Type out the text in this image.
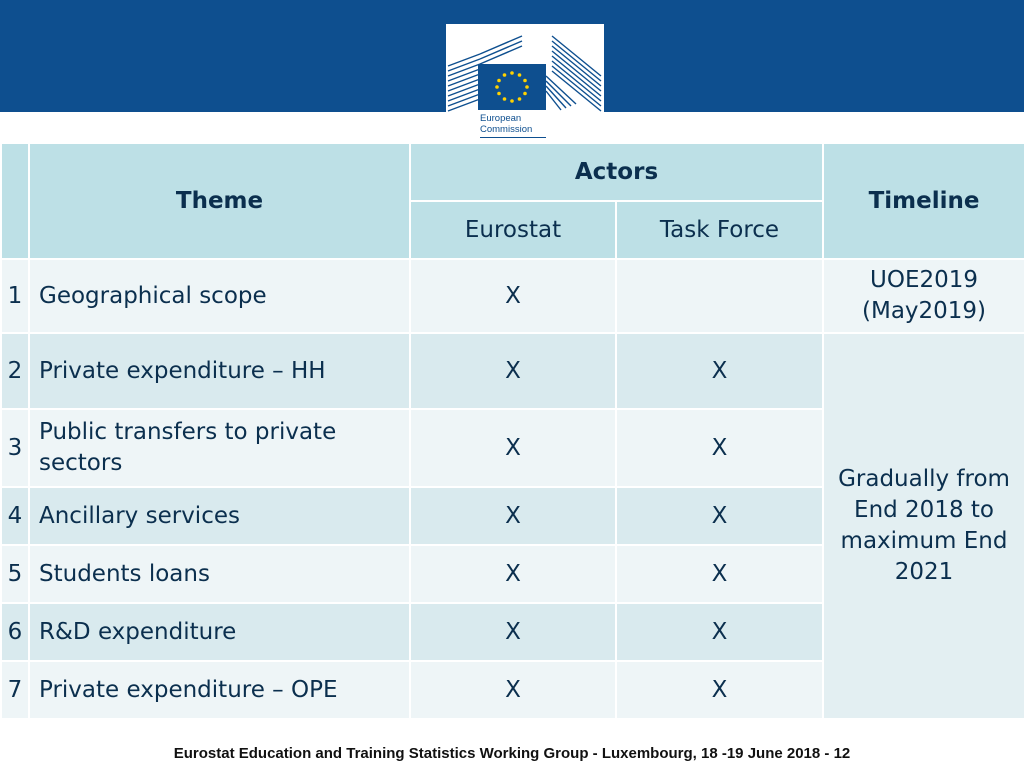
European
Commission
	Theme	Actors		Timeline
		Eurostat	Task Force	
1	Geographical scope	X		UOE2019 (May2019)
2	Private expenditure – HH	X	X	Gradually from End 2018 to maximum End 2021
3	Public transfers to private sectors	X	X	
4	Ancillary services	X	X	
5	Students loans	X	X	
6	R&D expenditure	X	X	
7	Private expenditure – OPE	X	X	
Eurostat Education and Training Statistics Working Group - Luxembourg, 18 -19 June 2018 - 12
